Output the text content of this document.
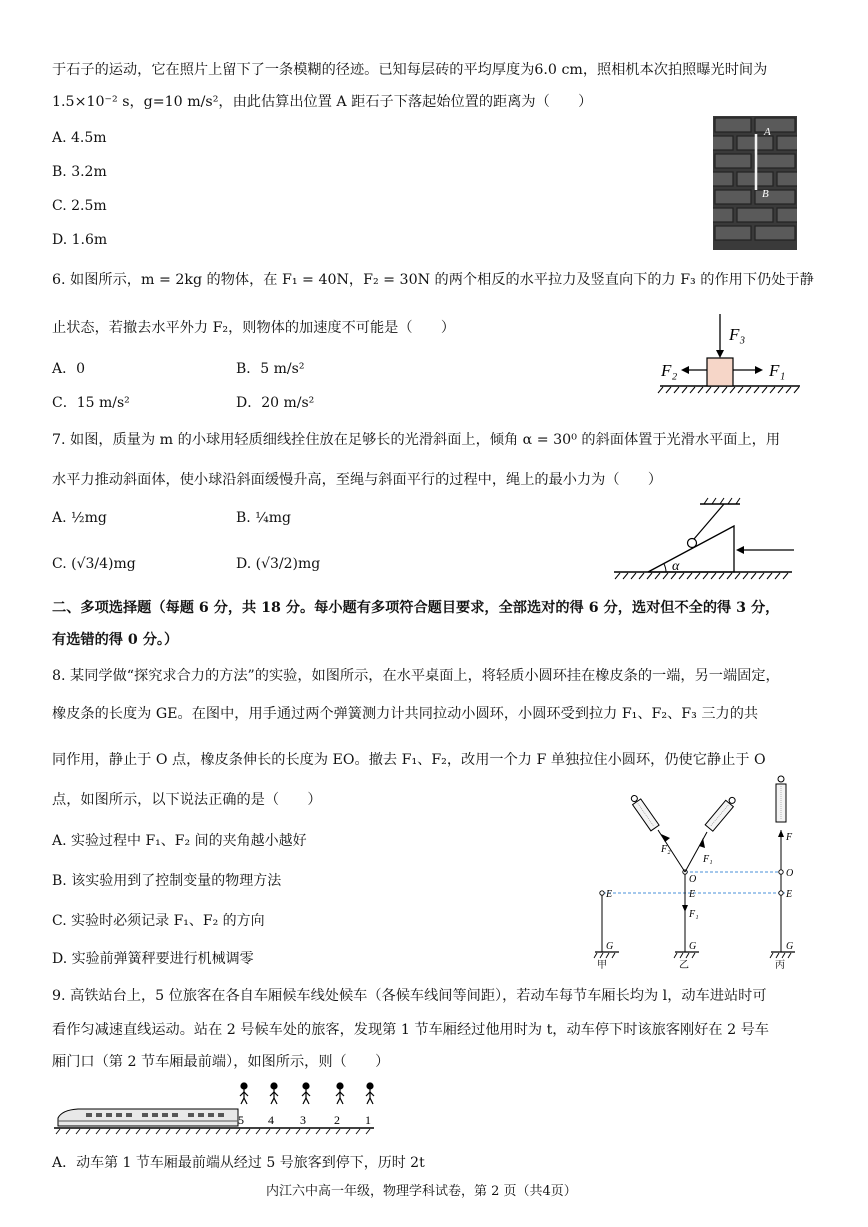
于石子的运动，它在照片上留下了一条模糊的径迹。已知每层砖的平均厚度为6.0 cm，照相机本次拍照曝光时间为
1.5×10⁻² s，g=10 m/s²，由此估算出位置 A 距石子下落起始位置的距离为（　　）
A. 4.5m
B. 3.2m
C. 2.5m
D. 1.6m
A
B
6. 如图所示，m = 2kg 的物体，在 F₁ = 40N，F₂ = 30N 的两个相反的水平拉力及竖直向下的力 F₃ 的作用下仍处于静
止状态，若撤去水平外力 F₂，则物体的加速度不可能是（　　）
A．0	B．5 m/s²
C．15 m/s²	D．20 m/s²
F₃
F₂	F₁
7. 如图，质量为 m 的小球用轻质细线拴住放在足够长的光滑斜面上，倾角 α = 30⁰ 的斜面体置于光滑水平面上，用
水平力推动斜面体，使小球沿斜面缓慢升高，至绳与斜面平行的过程中，绳上的最小力为（　　）
A. ½mg	B. ¼mg
C. (√3/4)mg	D. (√3/2)mg	α
二、多项选择题（每题 6 分，共 18 分。每小题有多项符合题目要求，全部选对的得 6 分，选对但不全的得 3 分，
有选错的得 0 分。）
8. 某同学做“探究求合力的方法”的实验，如图所示，在水平桌面上，将轻质小圆环挂在橡皮条的一端，另一端固定，
橡皮条的长度为 GE。在图中，用手通过两个弹簧测力计共同拉动小圆环，小圆环受到拉力 F₁、F₂、F₃ 三力的共
同作用，静止于 O 点，橡皮条伸长的长度为 EO。撤去 F₁、F₂，改用一个力 F 单独拉住小圆环，仍使它静止于 O
点，如图所示，以下说法正确的是（　　）
A. 实验过程中 F₁、F₂ 间的夹角越小越好
B. 该实验用到了控制变量的物理方法
C. 实验时必须记录 F₁、F₂ 的方向
D. 实验前弹簧秤要进行机械调零
E
G
甲
F₂
F₁
O
E
F₁
G
乙
F
O
E
G
丙
9. 高铁站台上，5 位旅客在各自车厢候车线处候车（各候车线间等间距），若动车每节车厢长均为 l，动车进站时可
看作匀减速直线运动。站在 2 号候车处的旅客，发现第 1 节车厢经过他用时为 t，动车停下时该旅客刚好在 2 号车
厢门口（第 2 节车厢最前端），如图所示，则（　　）
5 4 3 2 1
A．动车第 1 节车厢最前端从经过 5 号旅客到停下，历时 2t
内江六中高一年级，物理学科试卷，第 2 页（共4页）
